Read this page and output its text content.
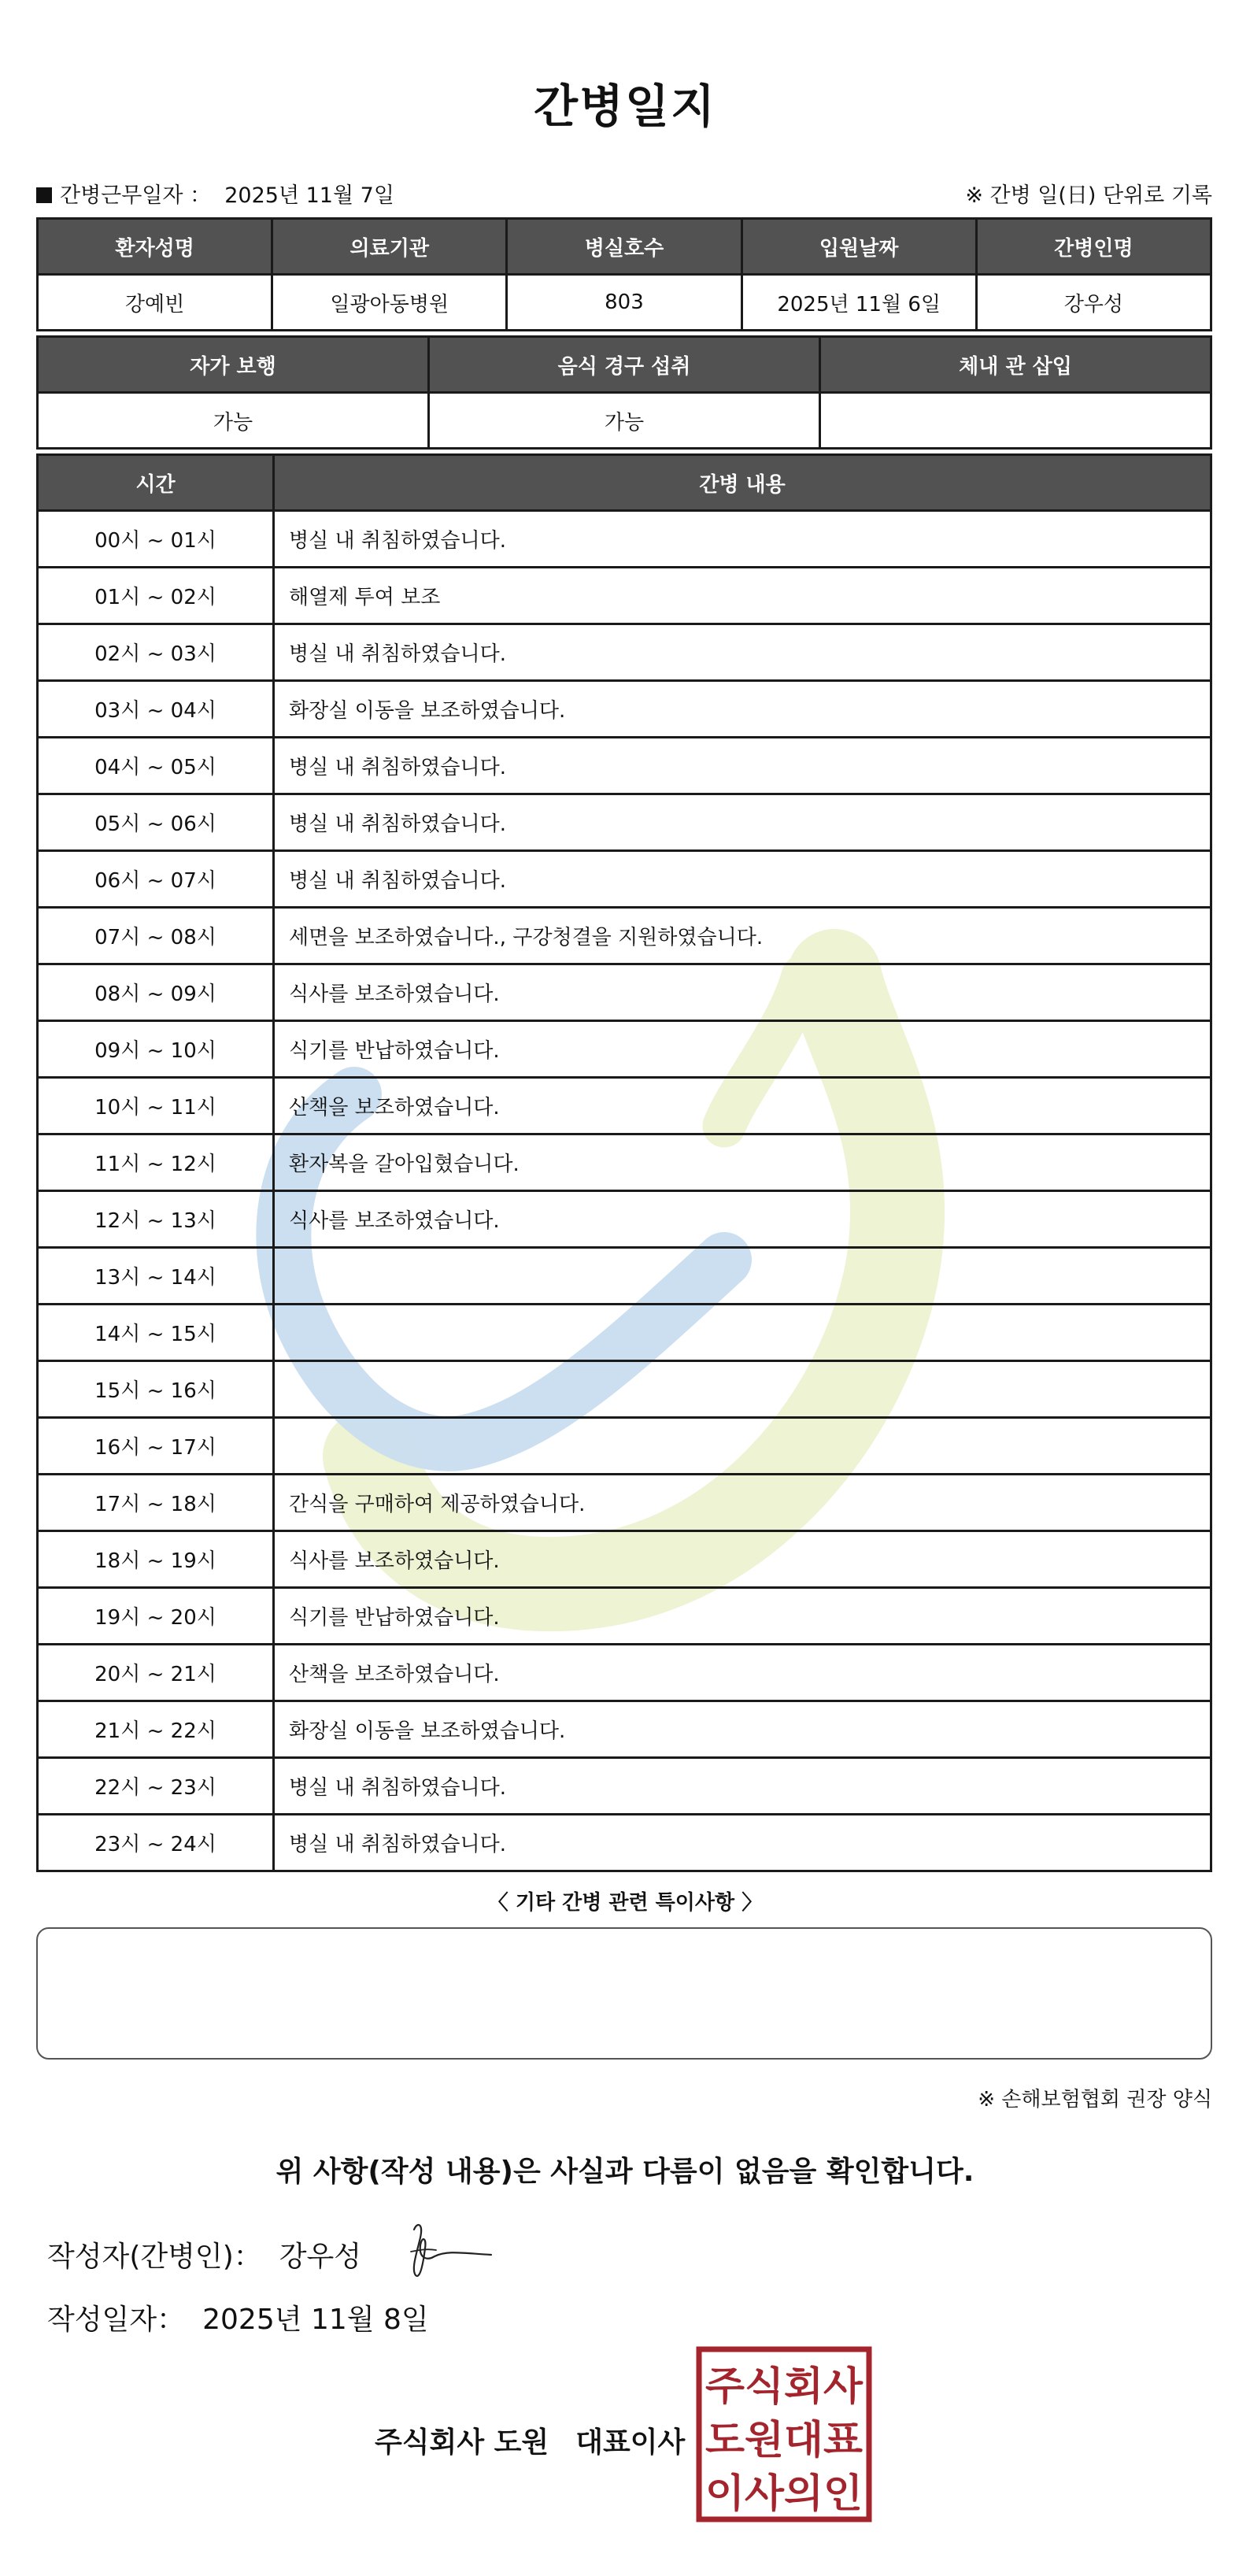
간병일지
간병근무일자 ： 2025년 11월 7일	※ 간병 일(日) 단위로 기록
환자성명	의료기관	병실호수	입원날짜	간병인명
강예빈	일광아동병원	803	2025년 11월 6일	강우성
자가 보행	음식 경구 섭취	체내 관 삽입
가능	가능	
시간	간병 내용
00시 ~ 01시	병실 내 취침하였습니다.
01시 ~ 02시	해열제 투여 보조
02시 ~ 03시	병실 내 취침하였습니다.
03시 ~ 04시	화장실 이동을 보조하였습니다.
04시 ~ 05시	병실 내 취침하였습니다.
05시 ~ 06시	병실 내 취침하였습니다.
06시 ~ 07시	병실 내 취침하였습니다.
07시 ~ 08시	세면을 보조하였습니다., 구강청결을 지원하였습니다.
08시 ~ 09시	식사를 보조하였습니다.
09시 ~ 10시	식기를 반납하였습니다.
10시 ~ 11시	산책을 보조하였습니다.
11시 ~ 12시	환자복을 갈아입혔습니다.
12시 ~ 13시	식사를 보조하였습니다.
13시 ~ 14시	
14시 ~ 15시	
15시 ~ 16시	
16시 ~ 17시	
17시 ~ 18시	간식을 구매하여 제공하였습니다.
18시 ~ 19시	식사를 보조하였습니다.
19시 ~ 20시	식기를 반납하였습니다.
20시 ~ 21시	산책을 보조하였습니다.
21시 ~ 22시	화장실 이동을 보조하였습니다.
22시 ~ 23시	병실 내 취침하였습니다.
23시 ~ 24시	병실 내 취침하였습니다.
〈 기타 간병 관련 특이사항 〉
※ 손해보험협회 권장 양식
위 사항(작성 내용)은 사실과 다름이 없음을 확인합니다.
작성자(간병인)： 강우성
작성일자： 2025년 11월 8일
주식회사 도원 대표이사
주식회사
도원대표
이사의인
